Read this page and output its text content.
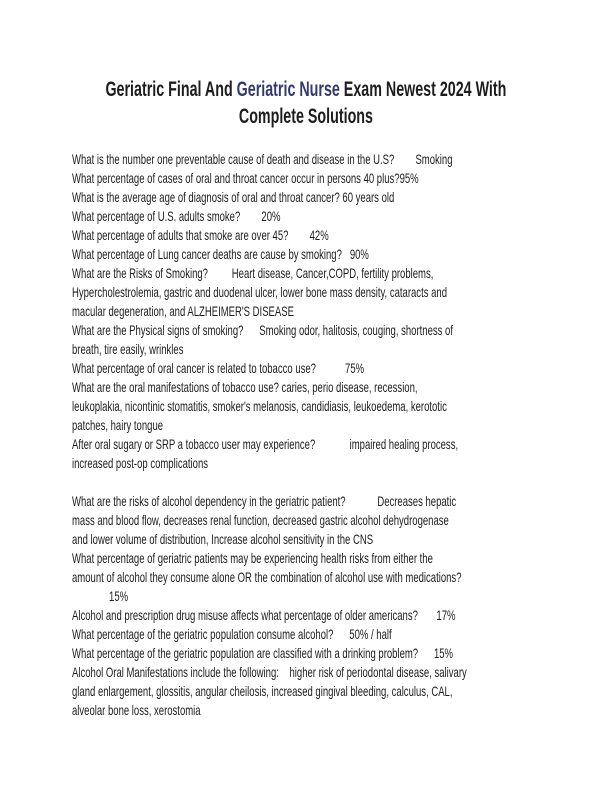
Geriatric Final And Geriatric Nurse Exam Newest 2024 With
Complete Solutions
What is the number one preventable cause of death and disease in the U.S?        Smoking
What percentage of cases of oral and throat cancer occur in persons 40 plus?95%
What is the average age of diagnosis of oral and throat cancer? 60 years old
What percentage of U.S. adults smoke?        20%
What percentage of adults that smoke are over 45?        42%
What percentage of Lung cancer deaths are cause by smoking?   90%
What are the Risks of Smoking?         Heart disease, Cancer,COPD, fertility problems,
Hypercholestrolemia, gastric and duodenal ulcer, lower bone mass density, cataracts and
macular degeneration, and ALZHEIMER'S DISEASE
What are the Physical signs of smoking?      Smoking odor, halitosis, couging, shortness of
breath, tire easily, wrinkles
What percentage of oral cancer is related to tobacco use?           75%
What are the oral manifestations of tobacco use? caries, perio disease, recession,
leukoplakia, nicontinic stomatitis, smoker's melanosis, candidiasis, leukoedema, kerototic
patches, hairy tongue
After oral sugary or SRP a tobacco user may experience?             impaired healing process,
increased post-op complications
What are the risks of alcohol dependency in the geriatric patient?            Decreases hepatic
mass and blood flow, decreases renal function, decreased gastric alcohol dehydrogenase
and lower volume of distribution, Increase alcohol sensitivity in the CNS
What percentage of geriatric patients may be experiencing health risks from either the
amount of alcohol they consume alone OR the combination of alcohol use with medications?
15%
Alcohol and prescription drug misuse affects what percentage of older americans?       17%
What percentage of the geriatric population consume alcohol?      50% / half
What percentage of the geriatric population are classified with a drinking problem?      15%
Alcohol Oral Manifestations include the following:    higher risk of periodontal disease, salivary
gland enlargement, glossitis, angular cheilosis, increased gingival bleeding, calculus, CAL,
alveolar bone loss, xerostomia
